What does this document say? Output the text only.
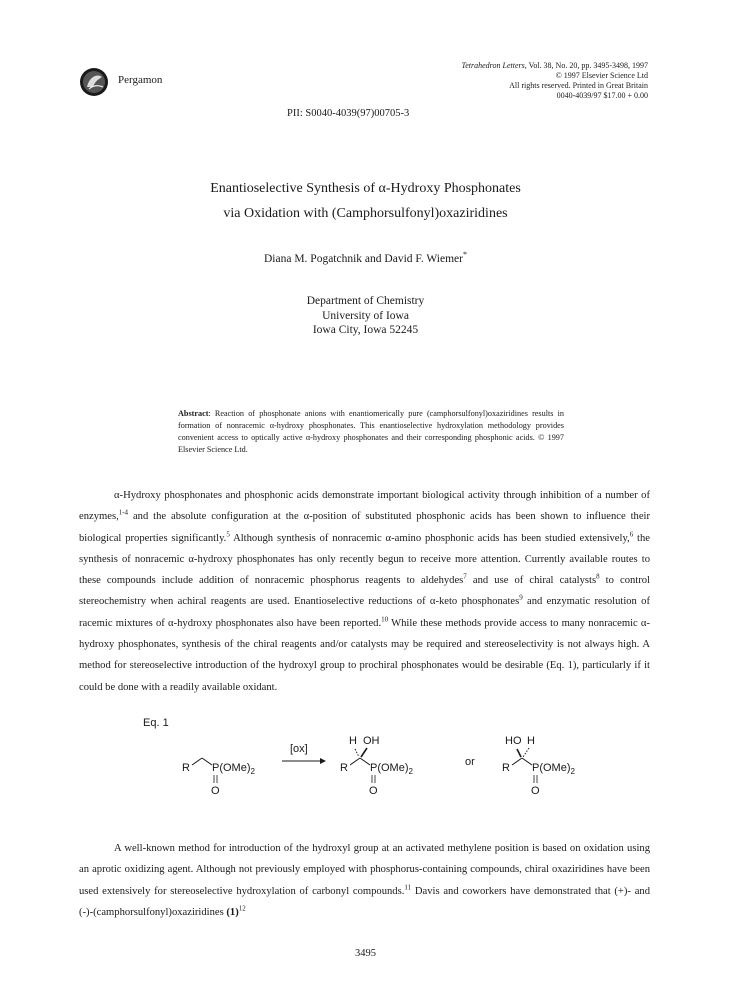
Pergamon
Tetrahedron Letters, Vol. 38, No. 20, pp. 3495-3498, 1997
© 1997 Elsevier Science Ltd
All rights reserved. Printed in Great Britain
0040-4039/97 $17.00 + 0.00
PII: S0040-4039(97)00705-3
Enantioselective Synthesis of α-Hydroxy Phosphonates
via Oxidation with (Camphorsulfonyl)oxaziridines
Diana M. Pogatchnik and David F. Wiemer*
Department of Chemistry
University of Iowa
Iowa City, Iowa 52245
Abstract: Reaction of phosphonate anions with enantiomerically pure (camphorsulfonyl)oxaziridines results in formation of nonracemic α-hydroxy phosphonates. This enantioselective hydroxylation methodology provides convenient access to optically active α-hydroxy phosphonates and their corresponding phosphonic acids. © 1997 Elsevier Science Ltd.
α-Hydroxy phosphonates and phosphonic acids demonstrate important biological activity through inhibition of a number of enzymes,$^{1-4}$ and the absolute configuration at the α-position of substituted phosphonic acids has been shown to influence their biological properties significantly.$^5$ Although synthesis of nonracemic α-amino phosphonic acids has been studied extensively,$^6$ the synthesis of nonracemic α-hydroxy phosphonates has only recently begun to receive more attention. Currently available routes to these compounds include addition of nonracemic phosphorus reagents to aldehydes$^7$ and use of chiral catalysts$^8$ to control stereochemistry when achiral reagents are used. Enantioselective reductions of α-keto phosphonates$^9$ and enzymatic resolution of racemic mixtures of α-hydroxy phosphonates also have been reported.$^{10}$ While these methods provide access to many nonracemic α-hydroxy phosphonates, synthesis of the chiral reagents and/or catalysts may be required and stereoselectivity is not always high. A method for stereoselective introduction of the hydroxyl group to prochiral phosphonates would be desirable (Eq. 1), particularly if it could be done with a readily available oxidant.
Eq. 1
R $P(OMe)_2$
O
[ox]
H OH
R $P(OMe)_2$
O
or
HO H
R $P(OMe)_2$
O
A well-known method for introduction of the hydroxyl group at an activated methylene position is based on oxidation using an aprotic oxidizing agent. Although not previously employed with phosphorus-containing compounds, chiral oxaziridines have been used extensively for stereoselective hydroxylation of carbonyl compounds.$^{11}$ Davis and coworkers have demonstrated that (+)- and (-)-(camphorsulfonyl)oxaziridines $(1)^{12}$
3495
